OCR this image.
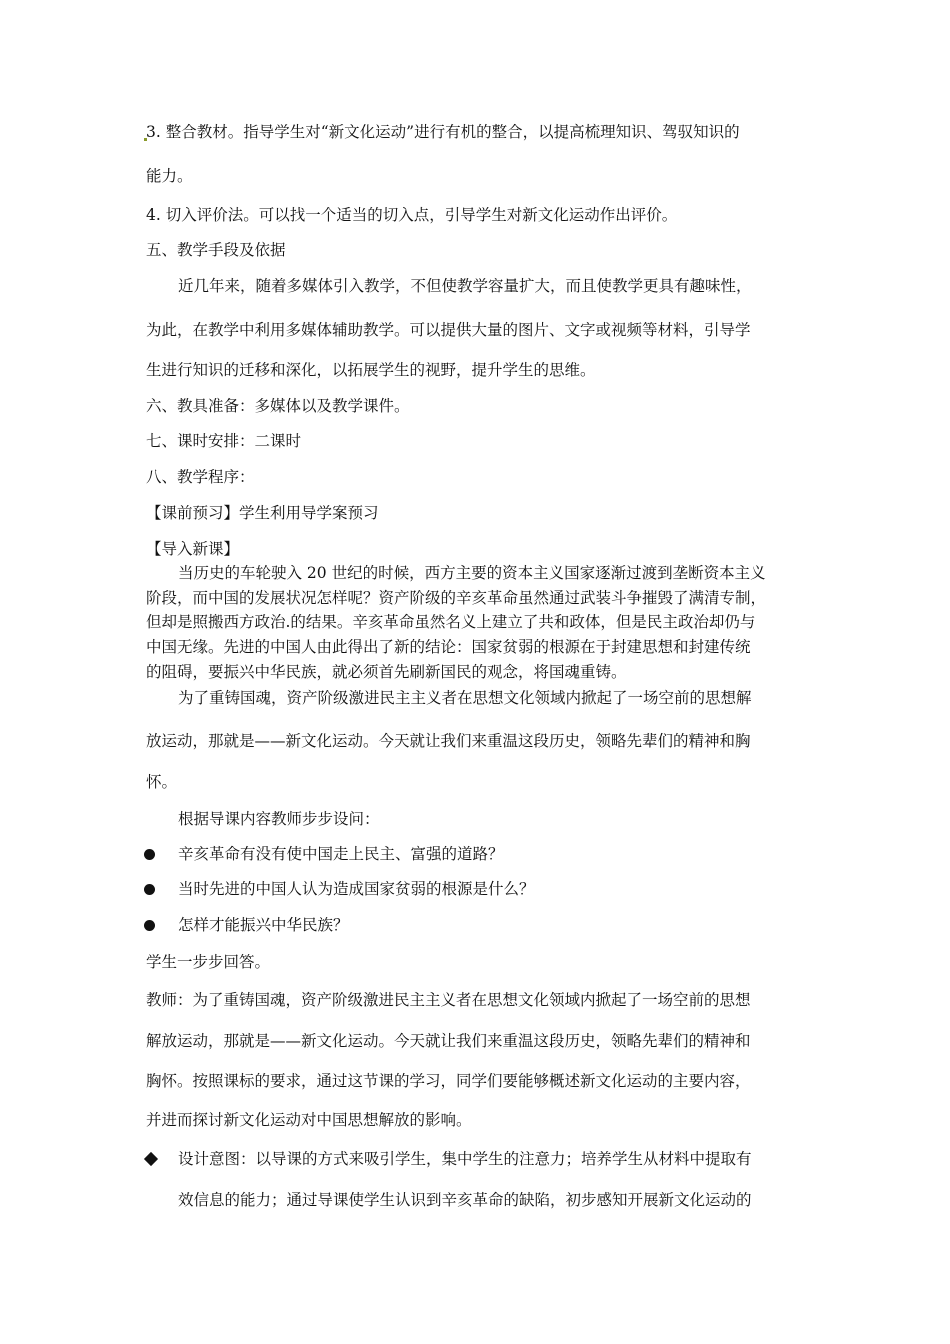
3. 整合教材。指导学生对“新文化运动”进行有机的整合，以提高梳理知识、驾驭知识的
能力。
4. 切入评价法。可以找一个适当的切入点，引导学生对新文化运动作出评价。
五、教学手段及依据
近几年来，随着多媒体引入教学，不但使教学容量扩大，而且使教学更具有趣味性，
为此，在教学中利用多媒体辅助教学。可以提供大量的图片、文字或视频等材料，引导学
生进行知识的迁移和深化，以拓展学生的视野，提升学生的思维。
六、教具准备：多媒体以及教学课件。
七、课时安排：二课时
八、教学程序：
【课前预习】学生利用导学案预习
【导入新课】
当历史的车轮驶入 20 世纪的时候，西方主要的资本主义国家逐渐过渡到垄断资本主义
阶段，而中国的发展状况怎样呢？资产阶级的辛亥革命虽然通过武装斗争摧毁了满清专制，
但却是照搬西方政治.的结果。辛亥革命虽然名义上建立了共和政体，但是民主政治却仍与
中国无缘。先进的中国人由此得出了新的结论：国家贫弱的根源在于封建思想和封建传统
的阻碍，要振兴中华民族，就必须首先刷新国民的观念，将国魂重铸。
为了重铸国魂，资产阶级激进民主主义者在思想文化领域内掀起了一场空前的思想解
放运动，那就是——新文化运动。今天就让我们来重温这段历史，领略先辈们的精神和胸
怀。
根据导课内容教师步步设问：
辛亥革命有没有使中国走上民主、富强的道路？
当时先进的中国人认为造成国家贫弱的根源是什么？
怎样才能振兴中华民族？
学生一步步回答。
教师：为了重铸国魂，资产阶级激进民主主义者在思想文化领域内掀起了一场空前的思想
解放运动，那就是——新文化运动。今天就让我们来重温这段历史，领略先辈们的精神和
胸怀。按照课标的要求，通过这节课的学习，同学们要能够概述新文化运动的主要内容，
并进而探讨新文化运动对中国思想解放的影响。
设计意图：以导课的方式来吸引学生，集中学生的注意力；培养学生从材料中提取有
效信息的能力；通过导课使学生认识到辛亥革命的缺陷，初步感知开展新文化运动的
